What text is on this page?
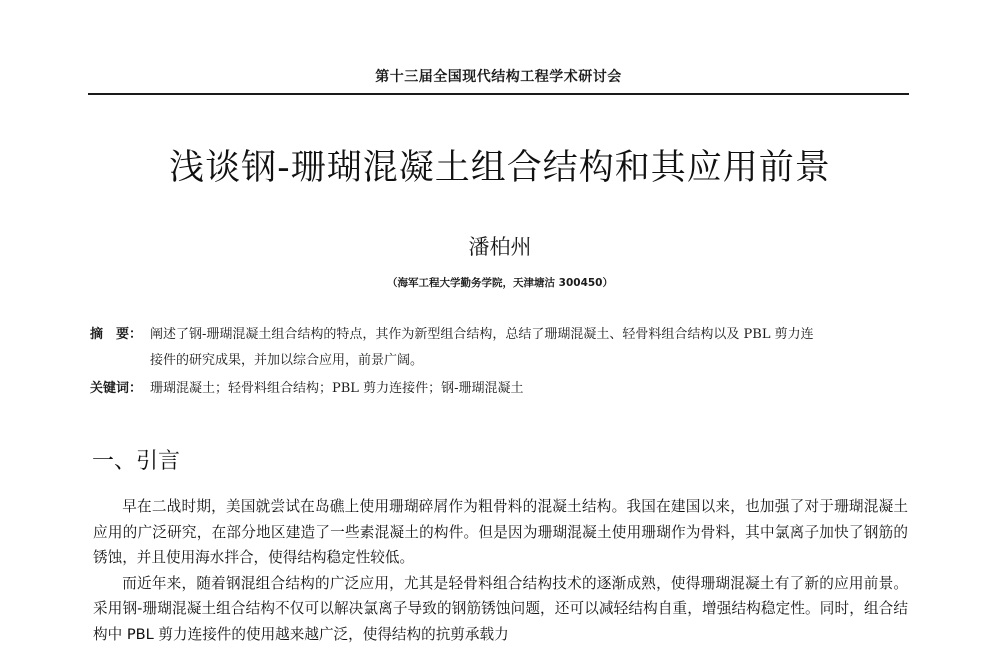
第十三届全国现代结构工程学术研讨会
浅谈钢-珊瑚混凝土组合结构和其应用前景
潘柏州
（海军工程大学勤务学院，天津塘沽 300450）
摘　要： 阐述了钢-珊瑚混凝土组合结构的特点，其作为新型组合结构，总结了珊瑚混凝土、轻骨料组合结构以及 PBL 剪力连
接件的研究成果，并加以综合应用，前景广阔。
关键词： 珊瑚混凝土；轻骨料组合结构；PBL 剪力连接件；钢-珊瑚混凝土
一、引言

早在二战时期，美国就尝试在岛礁上使用珊瑚碎屑作为粗骨料的混凝土结构。我国在建国以来，也加强了对于珊瑚混凝土应用的广泛研究，在部分地区建造了一些素混凝土的构件。但是因为珊瑚混凝土使用珊瑚作为骨料，其中氯离子加快了钢筋的锈蚀，并且使用海水拌合，使得结构稳定性较低。

而近年来，随着钢混组合结构的广泛应用，尤其是轻骨料组合结构技术的逐渐成熟，使得珊瑚混凝土有了新的应用前景。采用钢-珊瑚混凝土组合结构不仅可以解决氯离子导致的钢筋锈蚀问题，还可以减轻结构自重，增强结构稳定性。同时，组合结构中 PBL 剪力连接件的使用越来越广泛，使得结构的抗剪承载力
